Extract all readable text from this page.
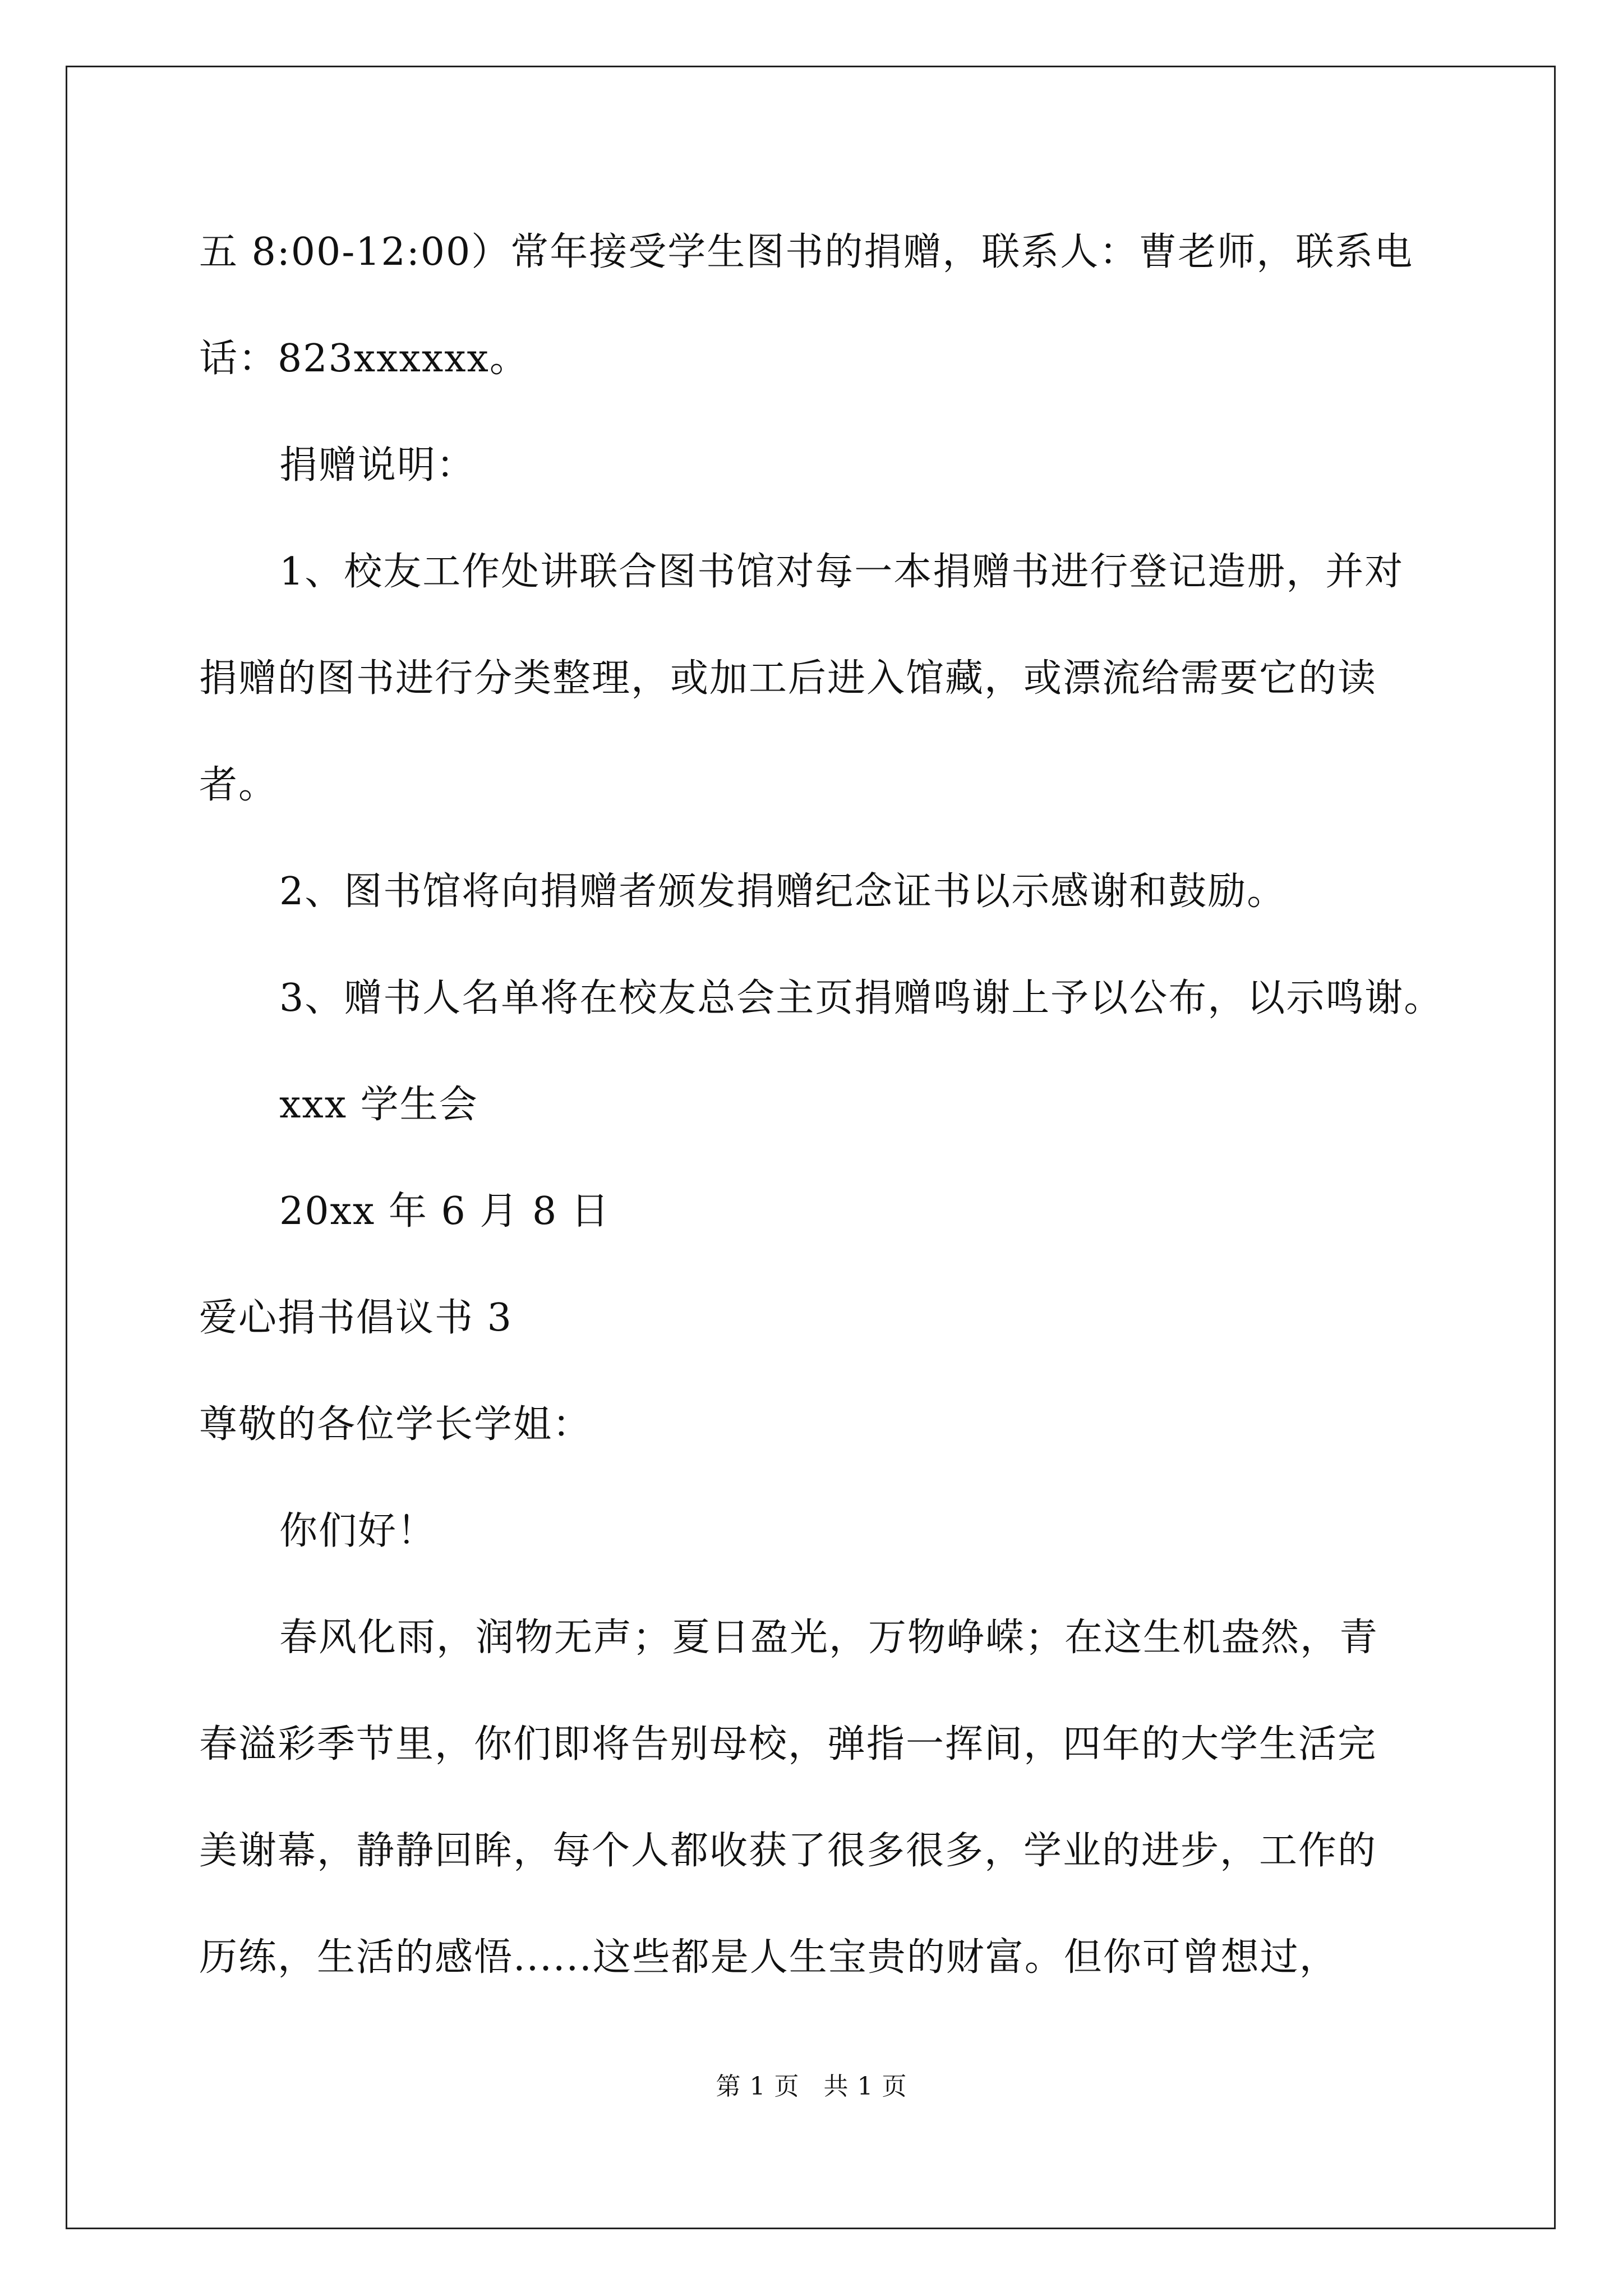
五 8:00-12:00）常年接受学生图书的捐赠，联系人：曹老师，联系电
话：823xxxxxx。
捐赠说明：
1、校友工作处讲联合图书馆对每一本捐赠书进行登记造册，并对
捐赠的图书进行分类整理，或加工后进入馆藏，或漂流给需要它的读
者。
2、图书馆将向捐赠者颁发捐赠纪念证书以示感谢和鼓励。
3、赠书人名单将在校友总会主页捐赠鸣谢上予以公布，以示鸣谢。
xxx 学生会
20xx 年 6 月 8 日
爱心捐书倡议书 3
尊敬的各位学长学姐：
你们好！
春风化雨，润物无声；夏日盈光，万物峥嵘；在这生机盎然，青
春溢彩季节里，你们即将告别母校，弹指一挥间，四年的大学生活完
美谢幕，静静回眸，每个人都收获了很多很多，学业的进步，工作的
历练，生活的感悟......这些都是人生宝贵的财富。但你可曾想过，
第 1 页 共 1 页
